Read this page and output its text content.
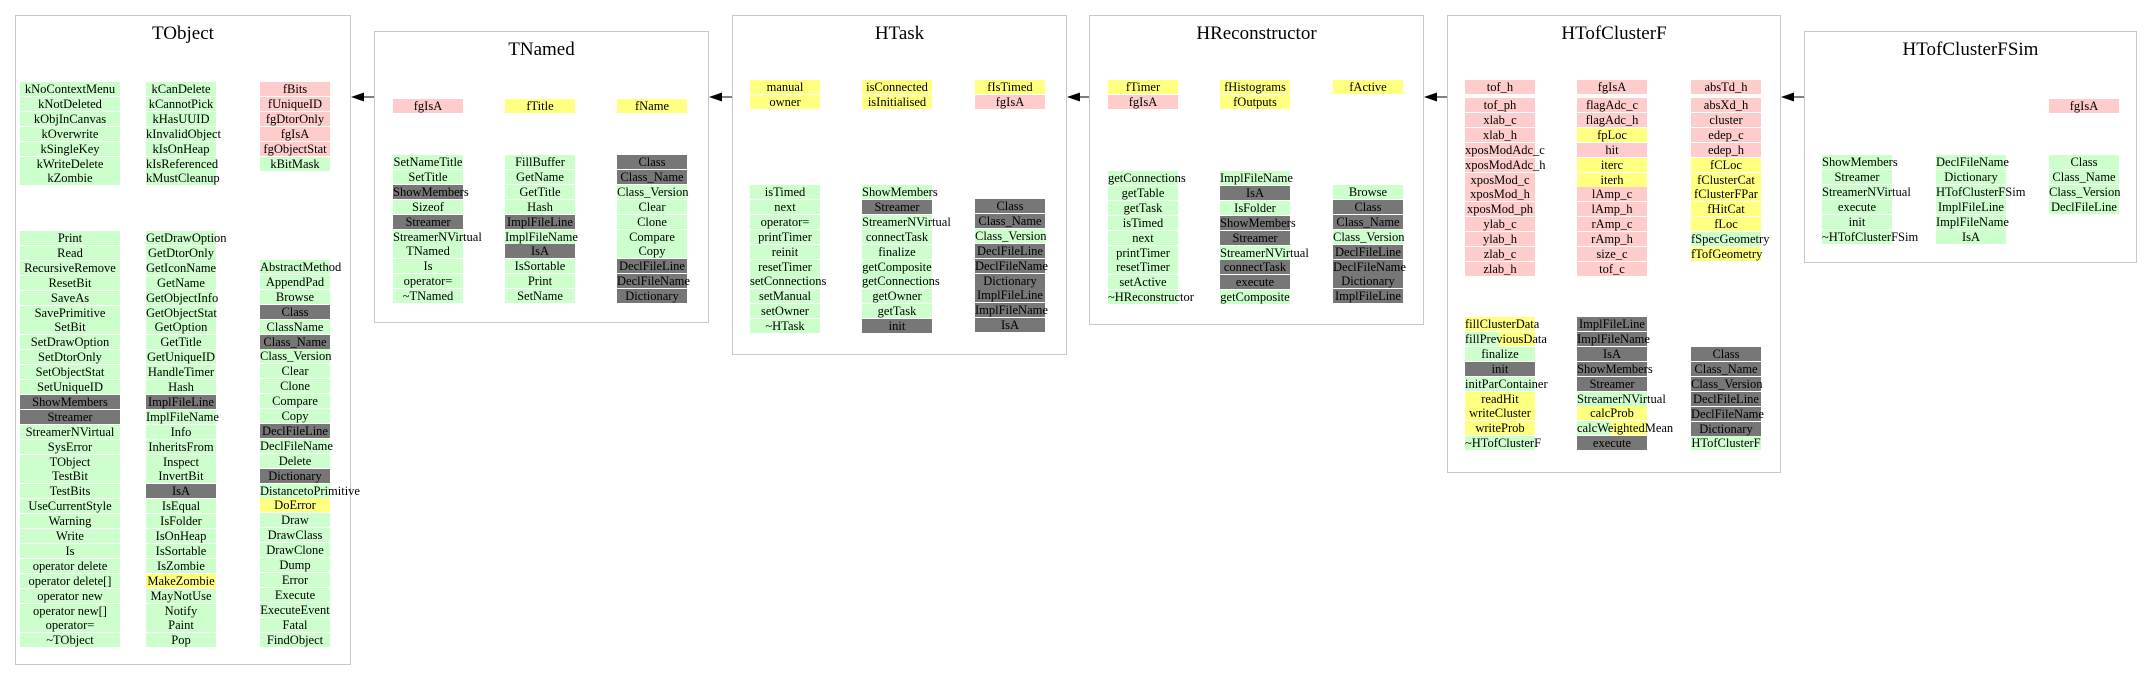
TObject
kNoContextMenu
kNotDeleted
kObjInCanvas
kOverwrite
kSingleKey
kWriteDelete
kZombie
Print
Read
RecursiveRemove
ResetBit
SaveAs
SavePrimitive
SetBit
SetDrawOption
SetDtorOnly
SetObjectStat
SetUniqueID
ShowMembers
Streamer
StreamerNVirtual
SysError
TObject
TestBit
TestBits
UseCurrentStyle
Warning
Write
Is
operator delete
operator delete[]
operator new
operator new[]
operator=
~TObject
kCanDelete
kCannotPick
kHasUUID
kInvalidObject
kIsOnHeap
kIsReferenced
kMustCleanup
GetDrawOption
GetDtorOnly
GetIconName
GetName
GetObjectInfo
GetObjectStat
GetOption
GetTitle
GetUniqueID
HandleTimer
Hash
ImplFileLine
ImplFileName
Info
InheritsFrom
Inspect
InvertBit
IsA
IsEqual
IsFolder
IsOnHeap
IsSortable
IsZombie
MakeZombie
MayNotUse
Notify
Paint
Pop
fBits
fUniqueID
fgDtorOnly
fgIsA
fgObjectStat
kBitMask
AbstractMethod
AppendPad
Browse
Class
ClassName
Class_Name
Class_Version
Clear
Clone
Compare
Copy
DeclFileLine
DeclFileName
Delete
Dictionary
DistancetoPrimitive
DoError
Draw
DrawClass
DrawClone
Dump
Error
Execute
ExecuteEvent
Fatal
FindObject
TNamed
fgIsA
SetNameTitle
SetTitle
ShowMembers
Sizeof
Streamer
StreamerNVirtual
TNamed
Is
operator=
~TNamed
fTitle
FillBuffer
GetName
GetTitle
Hash
ImplFileLine
ImplFileName
IsA
IsSortable
Print
SetName
fName
Class
Class_Name
Class_Version
Clear
Clone
Compare
Copy
DeclFileLine
DeclFileName
Dictionary
HTask
manual
owner
isTimed
next
operator=
printTimer
reinit
resetTimer
setConnections
setManual
setOwner
~HTask
isConnected
isInitialised
ShowMembers
Streamer
StreamerNVirtual
connectTask
finalize
getComposite
getConnections
getOwner
getTask
init
fIsTimed
fgIsA
Class
Class_Name
Class_Version
DeclFileLine
DeclFileName
Dictionary
ImplFileLine
ImplFileName
IsA
HReconstructor
fTimer
fgIsA
getConnections
getTable
getTask
isTimed
next
printTimer
resetTimer
setActive
~HReconstructor
fHistograms
fOutputs
ImplFileName
IsA
IsFolder
ShowMembers
Streamer
StreamerNVirtual
connectTask
execute
getComposite
fActive
Browse
Class
Class_Name
Class_Version
DeclFileLine
DeclFileName
Dictionary
ImplFileLine
HTofClusterF
tof_h
tof_ph
xlab_c
xlab_h
xposModAdc_c
xposModAdc_h
xposMod_c
xposMod_h
xposMod_ph
ylab_c
ylab_h
zlab_c
zlab_h
fillClusterData
fillPreviousData
finalize
init
initParContainer
readHit
writeCluster
writeProb
~HTofClusterF
fgIsA
flagAdc_c
flagAdc_h
fpLoc
hit
iterc
iterh
lAmp_c
lAmp_h
rAmp_c
rAmp_h
size_c
tof_c
ImplFileLine
ImplFileName
IsA
ShowMembers
Streamer
StreamerNVirtual
calcProb
calcWeightedMean
execute
absTd_h
absXd_h
cluster
edep_c
edep_h
fCLoc
fClusterCat
fClusterFPar
fHitCat
fLoc
fSpecGeometry
fTofGeometry
Class
Class_Name
Class_Version
DeclFileLine
DeclFileName
Dictionary
HTofClusterF
HTofClusterFSim
ShowMembers
Streamer
StreamerNVirtual
execute
init
~HTofClusterFSim
DeclFileName
Dictionary
HTofClusterFSim
ImplFileLine
ImplFileName
IsA
fgIsA
Class
Class_Name
Class_Version
DeclFileLine
